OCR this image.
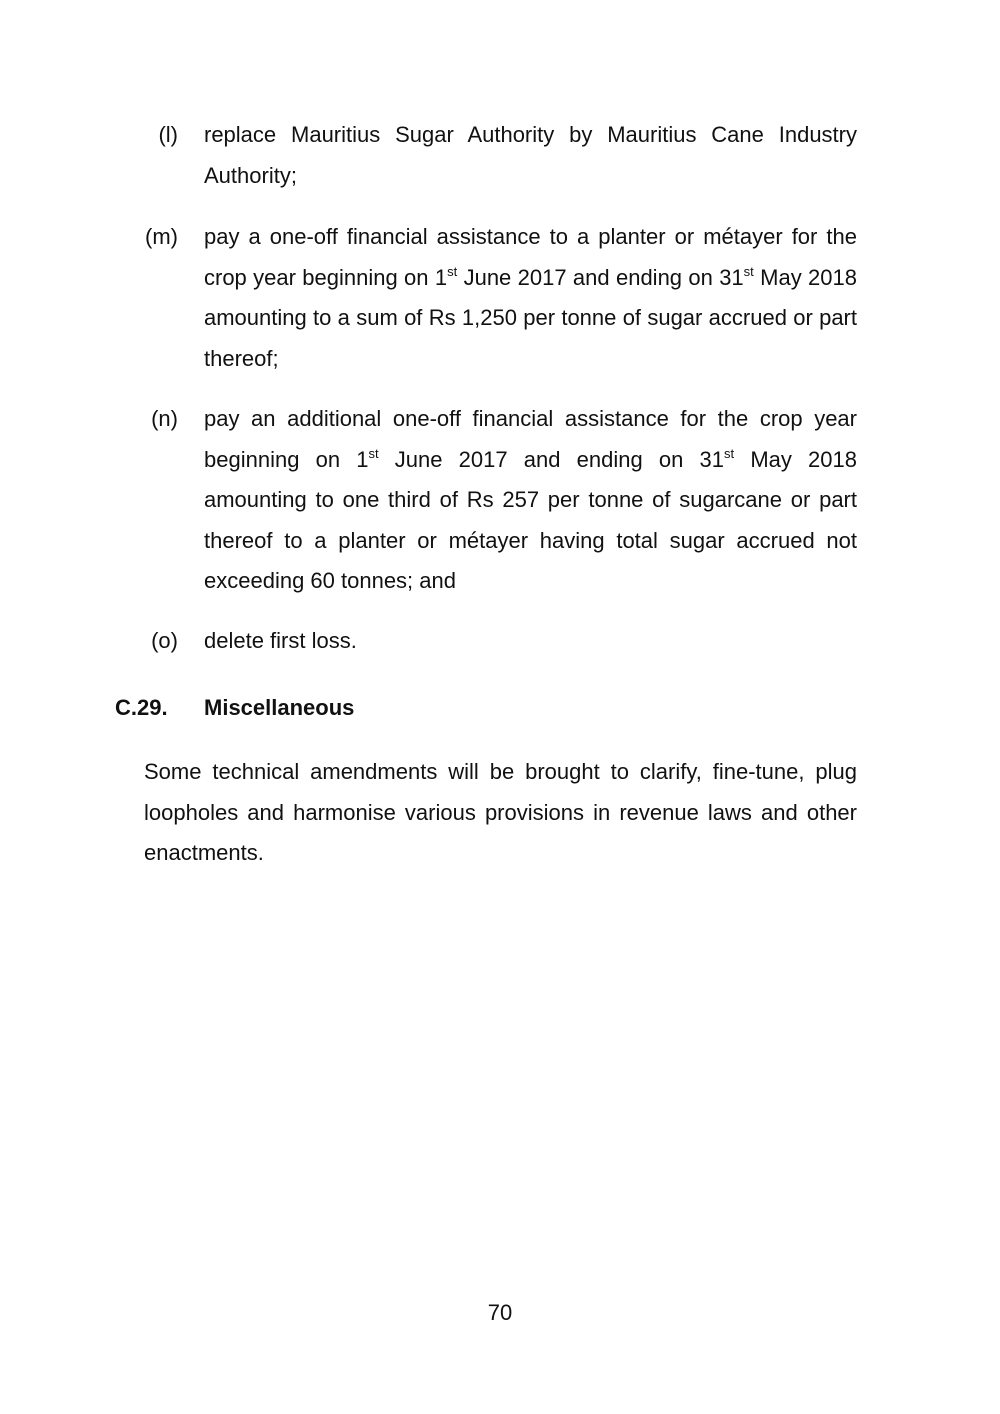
(l) replace Mauritius Sugar Authority by Mauritius Cane Industry Authority;
(m) pay a one-off financial assistance to a planter or métayer for the crop year beginning on 1st June 2017 and ending on 31st May 2018 amounting to a sum of Rs 1,250 per tonne of sugar accrued or part thereof;
(n) pay an additional one-off financial assistance for the crop year beginning on 1st June 2017 and ending on 31st May 2018 amounting to one third of Rs 257 per tonne of sugarcane or part thereof to a planter or métayer having total sugar accrued not exceeding 60 tonnes; and
(o) delete first loss.
C.29.	Miscellaneous
Some technical amendments will be brought to clarify, fine-tune, plug loopholes and harmonise various provisions in revenue laws and other enactments.
70
